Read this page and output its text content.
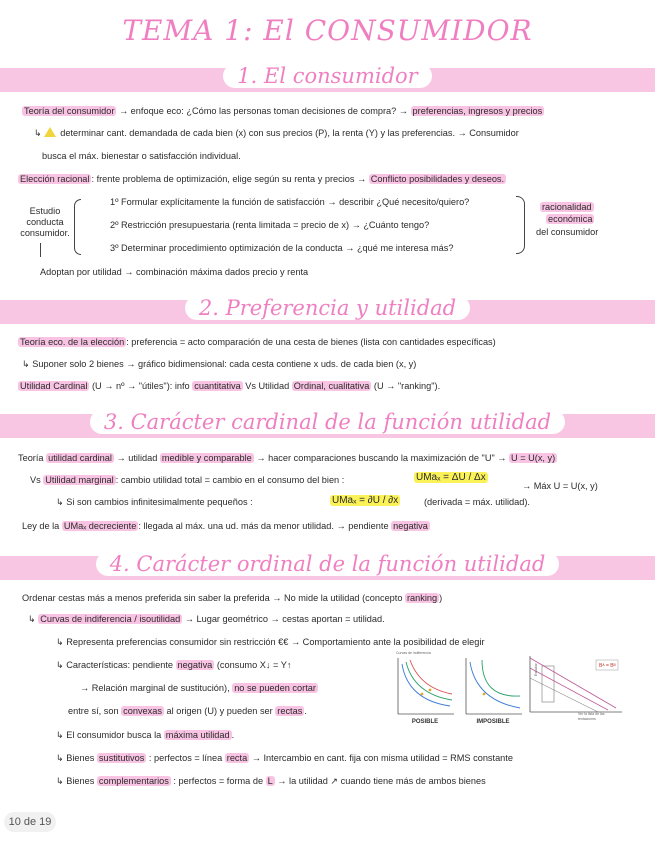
TEMA 1: El CONSUMIDOR
1. El consumidor
Teoría del consumidor → enfoque eco: ¿Cómo las personas toman decisiones de compra? → preferencias, ingresos y precios
↳ determinar cant. demandada de cada bien (x) con sus precios (P), la renta (Y) y las preferencias. → Consumidor
busca el máx. bienestar o satisfacción individual.
Elección racional : frente problema de optimización, elige según su renta y precios → Conflicto posibilidades y deseos.
Estudio
conducta
consumidor.
1º Formular explícitamente la función de satisfacción → describir ¿Qué necesito/quiero?
2º Restricción presupuestaria (renta limitada = precio de x) → ¿Cuánto tengo?
3º Determinar procedimiento optimización de la conducta → ¿qué me interesa más?
racionalidad
económica
del consumidor
Adoptan por utilidad → combinación máxima dados precio y renta
2. Preferencia y utilidad
Teoría eco. de la elección : preferencia = acto comparación de una cesta de bienes (lista con cantidades específicas)
↳ Suponer solo 2 bienes → gráfico bidimensional: cada cesta contiene x uds. de cada bien (x, y)
Utilidad Cardinal (U → nº → "útiles"): info cuantitativa Vs Utilidad Ordinal, cualitativa (U → "ranking").
3. Carácter cardinal de la función utilidad
Teoría utilidad cardinal → utilidad medible y comparable → hacer comparaciones buscando la maximización de "U" → U = U(x, y)
Vs Utilidad marginal : cambio utilidad total = cambio en el consumo del bien :	UMaₓ = ΔU / Δx
→ Máx U = U(x, y)
↳ Si son cambios infinitesimalmente pequeños :	UMaₓ = ∂U / ∂x	(derivada = máx. utilidad).
Ley de la UMaₓ decreciente : llegada al máx. una ud. más da menor utilidad. → pendiente negativa
4. Carácter ordinal de la función utilidad
Ordenar cestas más a menos preferida sin saber la preferida → No mide la utilidad (concepto ranking )
↳ Curvas de indiferencia / isoutilidad → Lugar geométrico → cestas aportan = utilidad.
↳ Representa preferencias consumidor sin restricción €€ → Comportamiento ante la posibilidad de elegir
↳ Características: pendiente negativa (consumo X↓ = Y↑
→ Relación marginal de sustitución), no se pueden cortar
entre sí, son convexas al origen (U) y pueden ser rectas .
↳ El consumidor busca la máxima utilidad .
↳ Bienes sustitutivos : perfectos = línea recta → Intercambio en cant. fija con misma utilidad = RMS constante
↳ Bienes complementarios : perfectos = forma de L → la utilidad ↗ cuando tiene más de ambos bienes
Curvas de indiferencia
POSIBLE	IMPOSIBLE
Bᴬ = Bᴮ
Estudiar
Ver la lista de las tentaciones
10 de 19
